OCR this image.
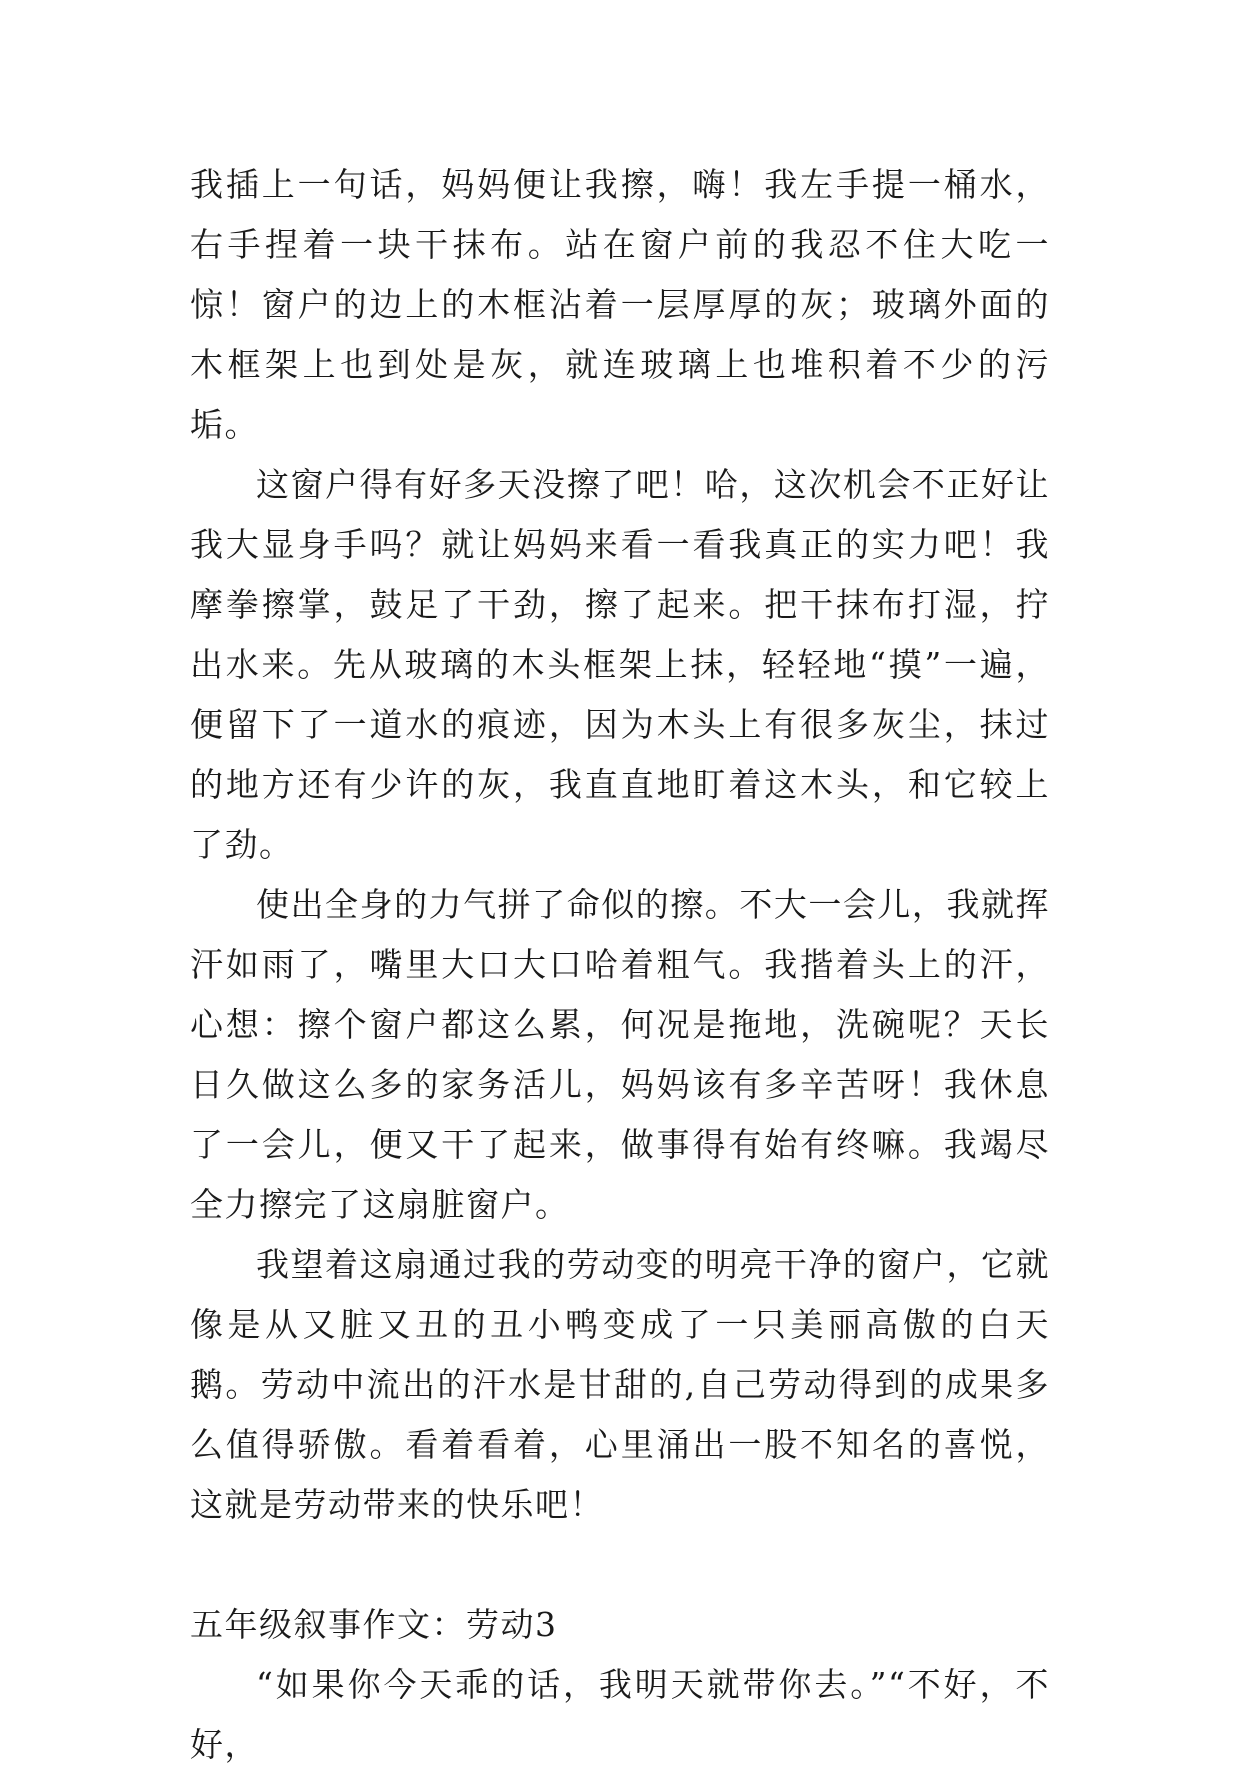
我插上一句话，妈妈便让我擦，嗨！我左手提一桶水，右手捏着一块干抹布。站在窗户前的我忍不住大吃一惊！窗户的边上的木框沾着一层厚厚的灰；玻璃外面的木框架上也到处是灰，就连玻璃上也堆积着不少的污垢。

这窗户得有好多天没擦了吧！哈，这次机会不正好让我大显身手吗？就让妈妈来看一看我真正的实力吧！我摩拳擦掌，鼓足了干劲，擦了起来。把干抹布打湿，拧出水来。先从玻璃的木头框架上抹，轻轻地“摸”一遍，便留下了一道水的痕迹，因为木头上有很多灰尘，抹过的地方还有少许的灰，我直直地盯着这木头，和它较上了劲。

使出全身的力气拼了命似的擦。不大一会儿，我就挥汗如雨了，嘴里大口大口哈着粗气。我揩着头上的汗，心想：擦个窗户都这么累，何况是拖地，洗碗呢？天长日久做这么多的家务活儿，妈妈该有多辛苦呀！我休息了一会儿，便又干了起来，做事得有始有终嘛。我竭尽全力擦完了这扇脏窗户。

我望着这扇通过我的劳动变的明亮干净的窗户，它就像是从又脏又丑的丑小鸭变成了一只美丽高傲的白天鹅。劳动中流出的汗水是甘甜的,自己劳动得到的成果多么值得骄傲。看着看着，心里涌出一股不知名的喜悦，这就是劳动带来的快乐吧！

五年级叙事作文：劳动3

“如果你今天乖的话，我明天就带你去。”“不好，不好，
